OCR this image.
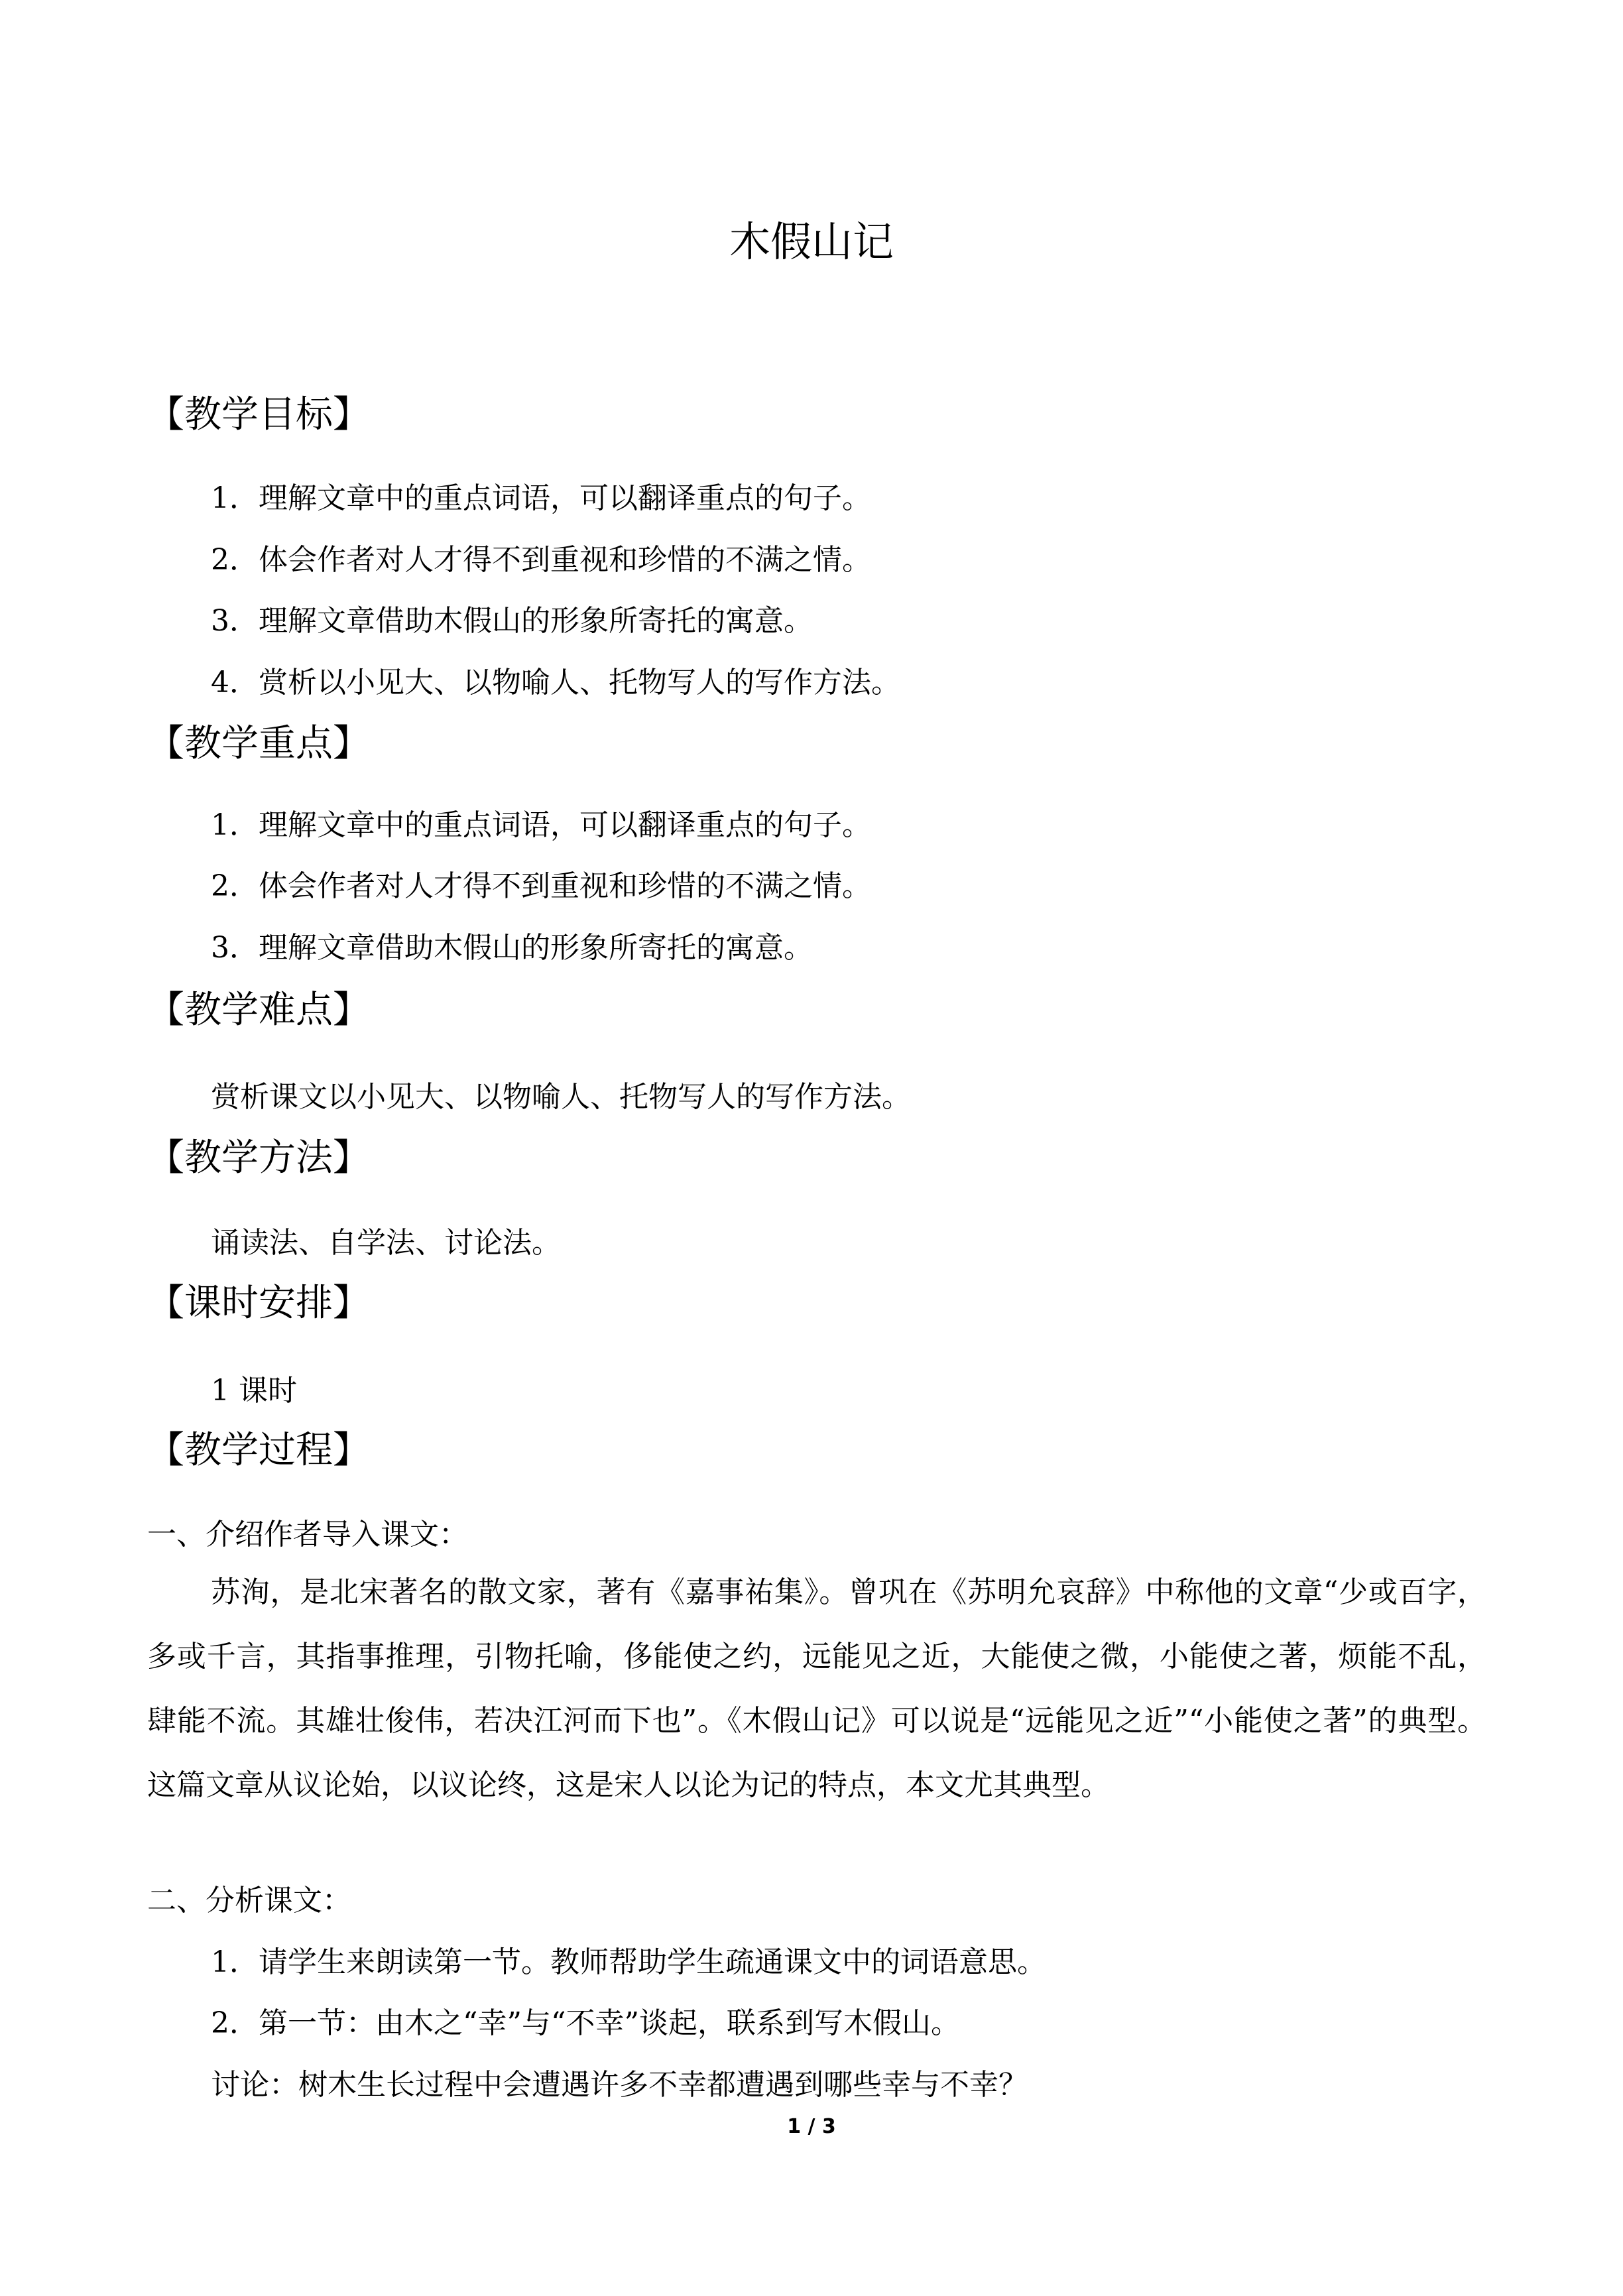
木假山记
【教学目标】
1．理解文章中的重点词语，可以翻译重点的句子。
2．体会作者对人才得不到重视和珍惜的不满之情。
3．理解文章借助木假山的形象所寄托的寓意。
4．赏析以小见大、以物喻人、托物写人的写作方法。
【教学重点】
1．理解文章中的重点词语，可以翻译重点的句子。
2．体会作者对人才得不到重视和珍惜的不满之情。
3．理解文章借助木假山的形象所寄托的寓意。
【教学难点】
赏析课文以小见大、以物喻人、托物写人的写作方法。
【教学方法】
诵读法、自学法、讨论法。
【课时安排】
1 课时
【教学过程】
一、介绍作者导入课文：
苏洵，是北宋著名的散文家，著有《嘉事祐集》。曾巩在《苏明允哀辞》中称他的文章“少或百字，多或千言，其指事推理，引物托喻，侈能使之约，远能见之近，大能使之微，小能使之著，烦能不乱，肆能不流。其雄壮俊伟，若决江河而下也”。《木假山记》可以说是“远能见之近”“小能使之著”的典型。这篇文章从议论始，以议论终，这是宋人以论为记的特点，本文尤其典型。
二、分析课文：
1．请学生来朗读第一节。教师帮助学生疏通课文中的词语意思。
2．第一节：由木之“幸”与“不幸”谈起，联系到写木假山。
讨论：树木生长过程中会遭遇许多不幸都遭遇到哪些幸与不幸？
1 / 3
